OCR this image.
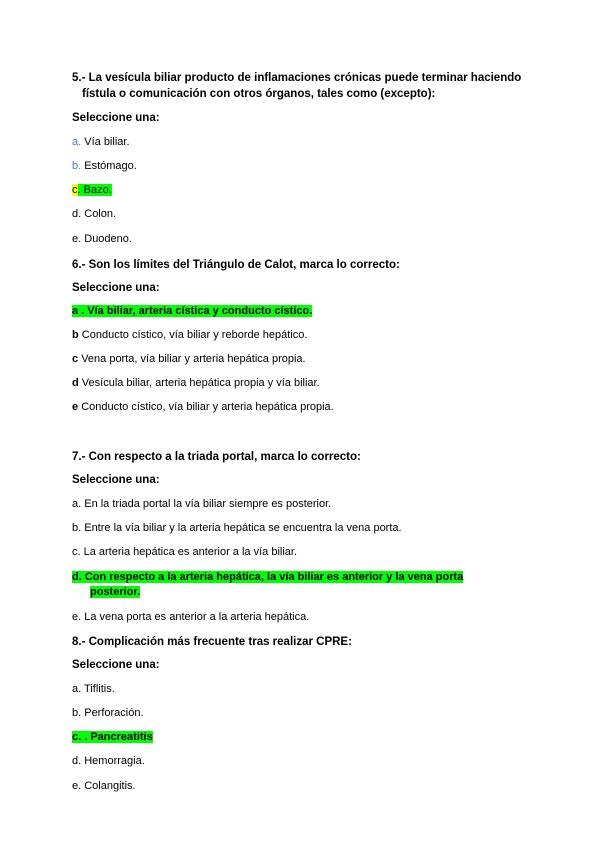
5.- La vesícula biliar producto de inflamaciones crónicas puede terminar haciendo
fístula o comunicación con otros órganos, tales como (excepto):
Seleccione una:
a. Vía biliar.
b. Estómago.
c. Bazo.
d. Colon.
e. Duodeno.
6.- Son los límites del Triángulo de Calot, marca lo correcto:
Seleccione una:
a . Vía biliar, arteria cística y conducto cístico.
b Conducto cístico, vía biliar y reborde hepático.
c Vena porta, vía biliar y arteria hepática propia.
d Vesícula biliar, arteria hepática propia y vía biliar.
e Conducto cístico, vía biliar y arteria hepática propia.
7.- Con respecto a la triada portal, marca lo correcto:
Seleccione una:
a. En la triada portal la vía biliar siempre es posterior.
b. Entre la vía biliar y la arteria hepática se encuentra la vena porta.
c. La arteria hepática es anterior a la vía biliar.
d. Con respecto a la arteria hepática, la vía biliar es anterior y la vena porta
posterior.
e. La vena porta es anterior a la arteria hepática.
8.- Complicación más frecuente tras realizar CPRE:
Seleccione una:
a. Tiflitis.
b. Perforación.
c. . Pancreatitis
d. Hemorragia.
e. Colangitis.
